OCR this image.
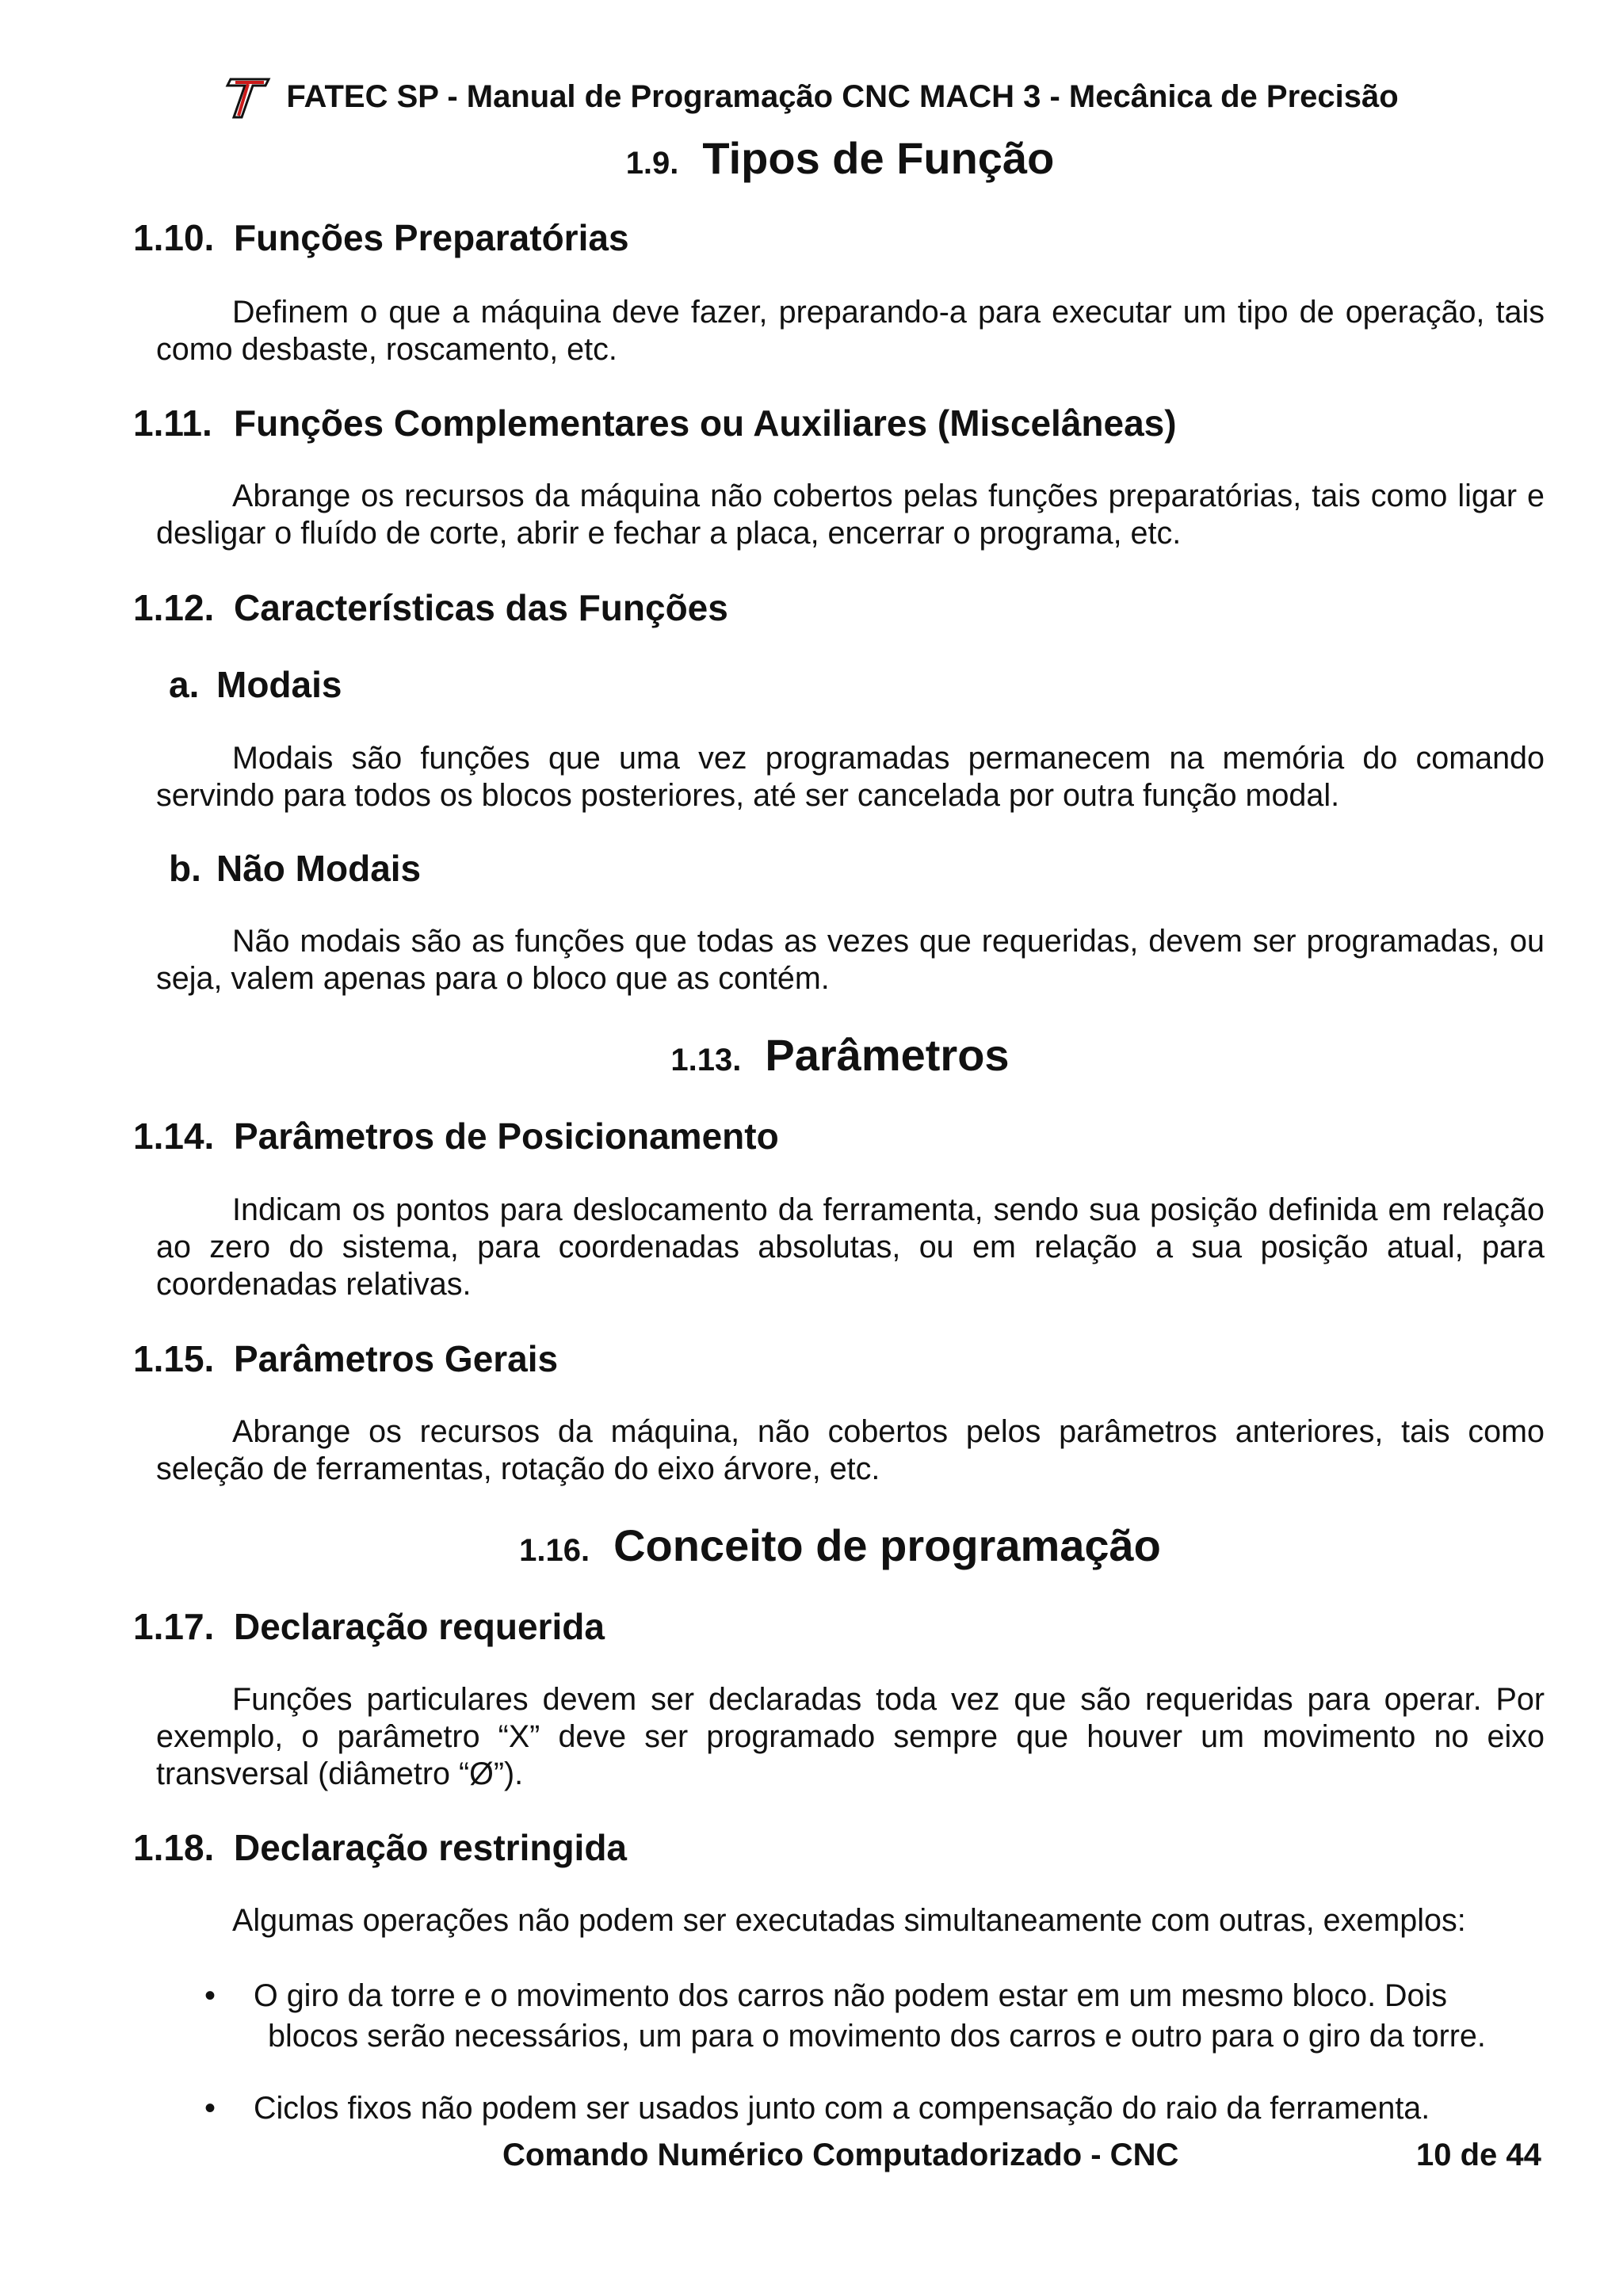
FATEC SP - Manual de Programação CNC MACH 3 - Mecânica de Precisão
1.9. Tipos de Função
1.10. Funções Preparatórias
Definem o que a máquina deve fazer, preparando-a para executar um tipo de operação, tais como desbaste, roscamento, etc.
1.11. Funções Complementares ou Auxiliares (Miscelâneas)
Abrange os recursos da máquina não cobertos pelas funções preparatórias, tais como ligar e desligar o fluído de corte, abrir e fechar a placa, encerrar o programa, etc.
1.12. Características das Funções
a. Modais
Modais são funções que uma vez programadas permanecem na memória do comando servindo para todos os blocos posteriores, até ser cancelada por outra função modal.
b. Não Modais
Não modais são as funções que todas as vezes que requeridas, devem ser programadas, ou seja, valem apenas para o bloco que as contém.
1.13. Parâmetros
1.14. Parâmetros de Posicionamento
Indicam os pontos para deslocamento da ferramenta, sendo sua posição definida em relação ao zero do sistema, para coordenadas absolutas, ou em relação a sua posição atual, para coordenadas relativas.
1.15. Parâmetros Gerais
Abrange os recursos da máquina, não cobertos pelos parâmetros anteriores, tais como seleção de ferramentas, rotação do eixo árvore, etc.
1.16. Conceito de programação
1.17. Declaração requerida
Funções particulares devem ser declaradas toda vez que são requeridas para operar. Por exemplo, o parâmetro “X” deve ser programado sempre que houver um movimento no eixo transversal (diâmetro “Ø”).
1.18. Declaração restringida
Algumas operações não podem ser executadas simultaneamente com outras, exemplos:
• O giro da torre e o movimento dos carros não podem estar em um mesmo bloco. Dois
blocos serão necessários, um para o movimento dos carros e outro para o giro da torre.
• Ciclos fixos não podem ser usados junto com a compensação do raio da ferramenta.
Comando Numérico Computadorizado - CNC	10 de 44
